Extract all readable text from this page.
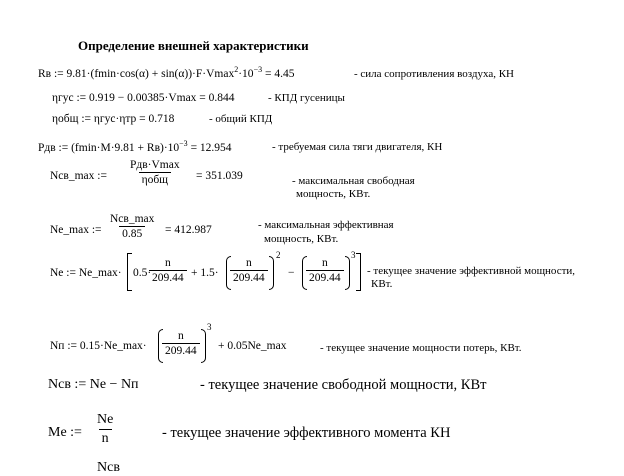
Определение внешней характеристики
Rв := $9.81\cdot(fmin\cdot\cos(\alpha) + \sin(\alpha))\cdot F\cdot Vmax^2\cdot 10^{-3} = 4.45$	- сила сопротивления воздуха, КН
ηгус := 0.919 − 0.00385·Vmax = 0.844	- КПД гусеницы
ηобщ := ηгус·ηтр = 0.718	- общий КПД
Pдв := $(fmin\cdot M\cdot 9.81 + Rв)\cdot 10^{-3} = 12.954$	- требуемая сила тяги двигателя, КН
Nсв_max :=
Pдв·Vmax
ηобщ = 351.039	- максимальная свободная
мощность, КВт.
Ne_max :=
Nсв_max
0.85 = 412.987	- максимальная эффективная
мощность, КВт.
Ne := Ne_max· 0.5·
$\frac{n}{209.44} + 1.5\cdot \frac{n}{209.44}$
2
− $\frac{n}{209.44}$
3
- текущее значение эффективной мощности,
КВт.
Nп := 0.15·Ne_max· $\frac{n}{209.44}$
3
+ 0.05Ne_max	- текущее значение мощности потерь, КВт.
Nсв := Ne − Nп	- текущее значение свободной мощности, КВт
Me := $\frac{Ne}{n}$	- текущее значение эффективного момента КН
Nсв
